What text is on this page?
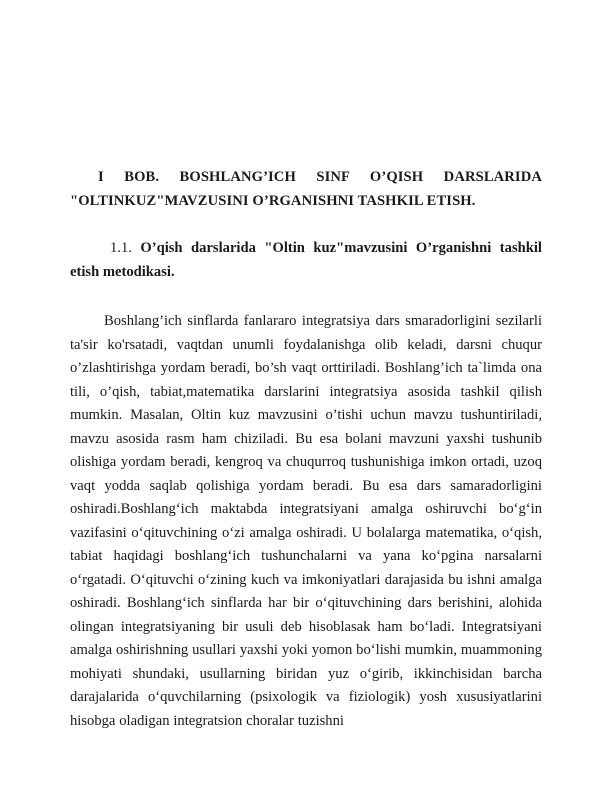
I BOB. BOSHLANG’ICH SINF O’QISH DARSLARIDA "OLTINKUZ"MAVZUSINI O’RGANISHNI TASHKIL ETISH.
1.1. O’qish darslarida "Oltin kuz"mavzusini O’rganishni tashkil etish metodikasi.

Boshlang’ich sinflarda fanlararo integratsiya dars smaradorligini sezilarli ta'sir ko'rsatadi, vaqtdan unumli foydalanishga olib keladi, darsni chuqur o’zlashtirishga yordam beradi, bo’sh vaqt orttiriladi. Boshlang’ich ta`limda ona tili, o’qish, tabiat,matematika darslarini integratsiya asosida tashkil qilish mumkin. Masalan, Oltin kuz mavzusini o’tishi uchun mavzu tushuntiriladi, mavzu asosida rasm ham chiziladi. Bu esa bolani mavzuni yaxshi tushunib olishiga yordam beradi, kengroq va chuqurroq tushunishiga imkon ortadi, uzoq vaqt yodda saqlab qolishiga yordam beradi. Bu esa dars samaradorligini oshiradi.Boshlangʻich maktabda integratsiyani amalga oshiruvchi boʻgʻin vazifasini oʻqituvchining oʻzi amalga oshiradi. U bolalarga matematika, oʻqish, tabiat haqidagi boshlangʻich tushunchalarni va yana koʻpgina narsalarni oʻrgatadi. Oʻqituvchi oʻzining kuch va imkoniyatlari darajasida bu ishni amalga oshiradi. Boshlangʻich sinflarda har bir oʻqituvchining dars berishini, alohida olingan integratsiyaning bir usuli deb hisoblasak ham boʻladi. Integratsiyani amalga oshirishning usullari yaxshi yoki yomon boʻlishi mumkin, muammoning mohiyati shundaki, usullarning biridan yuz oʻgirib, ikkinchisidan barcha darajalarida oʻquvchilarning (psixologik va fiziologik) yosh xususiyatlarini hisobga oladigan integratsion choralar tuzishni
